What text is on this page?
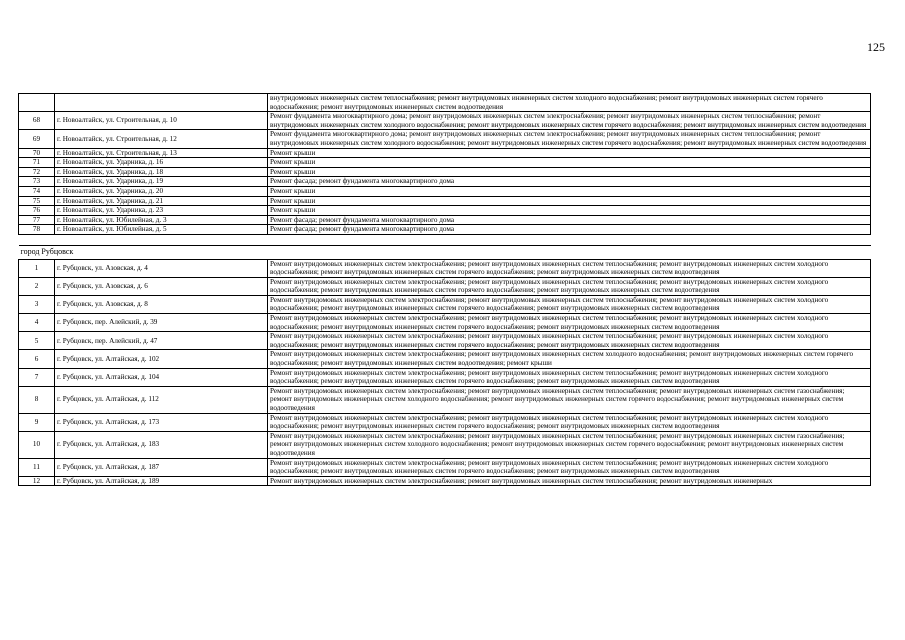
125
		внутридомовых инженерных систем теплоснабжения; ремонт внутридомовых инженерных систем холодного водоснабжения; ремонт внутридомовых инженерных систем горячего водоснабжения; ремонт внутридомовых инженерных систем водоотведения
68	г. Новоалтайск, ул. Строительная, д. 10	Ремонт фундамента многоквартирного дома; ремонт внутридомовых инженерных систем электроснабжения; ремонт внутридомовых инженерных систем теплоснабжения; ремонт внутридомовых инженерных систем холодного водоснабжения; ремонт внутридомовых инженерных систем горячего водоснабжения; ремонт внутридомовых инженерных систем водоотведения
69	г. Новоалтайск, ул. Строительная, д. 12	Ремонт фундамента многоквартирного дома; ремонт внутридомовых инженерных систем электроснабжения; ремонт внутридомовых инженерных систем теплоснабжения; ремонт внутридомовых инженерных систем холодного водоснабжения; ремонт внутридомовых инженерных систем горячего водоснабжения; ремонт внутридомовых инженерных систем водоотведения
70	г. Новоалтайск, ул. Строительная, д. 13	Ремонт крыши
71	г. Новоалтайск, ул. Ударника, д. 16	Ремонт крыши
72	г. Новоалтайск, ул. Ударника, д. 18	Ремонт крыши
73	г. Новоалтайск, ул. Ударника, д. 19	Ремонт фасада; ремонт фундамента многоквартирного дома
74	г. Новоалтайск, ул. Ударника, д. 20	Ремонт крыши
75	г. Новоалтайск, ул. Ударника, д. 21	Ремонт крыши
76	г. Новоалтайск, ул. Ударника, д. 23	Ремонт крыши
77	г. Новоалтайск, ул. Юбилейная, д. 3	Ремонт фасада; ремонт фундамента многоквартирного дома
78	г. Новоалтайск, ул. Юбилейная, д. 5	Ремонт фасада; ремонт фундамента многоквартирного дома

город Рубцовск		
1	г. Рубцовск, ул. Азовская, д. 4	Ремонт внутридомовых инженерных систем электроснабжения; ремонт внутридомовых инженерных систем теплоснабжения; ремонт внутридомовых инженерных систем холодного водоснабжения; ремонт внутридомовых инженерных систем горячего водоснабжения; ремонт внутридомовых инженерных систем водоотведения
2	г. Рубцовск, ул. Азовская, д. 6	Ремонт внутридомовых инженерных систем электроснабжения; ремонт внутридомовых инженерных систем теплоснабжения; ремонт внутридомовых инженерных систем холодного водоснабжения; ремонт внутридомовых инженерных систем горячего водоснабжения; ремонт внутридомовых инженерных систем водоотведения
3	г. Рубцовск, ул. Азовская, д. 8	Ремонт внутридомовых инженерных систем электроснабжения; ремонт внутридомовых инженерных систем теплоснабжения; ремонт внутридомовых инженерных систем холодного водоснабжения; ремонт внутридомовых инженерных систем горячего водоснабжения; ремонт внутридомовых инженерных систем водоотведения
4	г. Рубцовск, пер. Алейский, д. 39	Ремонт внутридомовых инженерных систем электроснабжения; ремонт внутридомовых инженерных систем теплоснабжения; ремонт внутридомовых инженерных систем холодного водоснабжения; ремонт внутридомовых инженерных систем горячего водоснабжения; ремонт внутридомовых инженерных систем водоотведения
5	г. Рубцовск, пер. Алейский, д. 47	Ремонт внутридомовых инженерных систем электроснабжения; ремонт внутридомовых инженерных систем теплоснабжения; ремонт внутридомовых инженерных систем холодного водоснабжения; ремонт внутридомовых инженерных систем горячего водоснабжения; ремонт внутридомовых инженерных систем водоотведения
6	г. Рубцовск, ул. Алтайская, д. 102	Ремонт внутридомовых инженерных систем электроснабжения; ремонт внутридомовых инженерных систем холодного водоснабжения; ремонт внутридомовых инженерных систем горячего водоснабжения; ремонт внутридомовых инженерных систем водоотведения; ремонт крыши
7	г. Рубцовск, ул. Алтайская, д. 104	Ремонт внутридомовых инженерных систем электроснабжения; ремонт внутридомовых инженерных систем теплоснабжения; ремонт внутридомовых инженерных систем холодного водоснабжения; ремонт внутридомовых инженерных систем горячего водоснабжения; ремонт внутридомовых инженерных систем водоотведения
8	г. Рубцовск, ул. Алтайская, д. 112	Ремонт внутридомовых инженерных систем электроснабжения; ремонт внутридомовых инженерных систем теплоснабжения; ремонт внутридомовых инженерных систем газоснабжения; ремонт внутридомовых инженерных систем холодного водоснабжения; ремонт внутридомовых инженерных систем горячего водоснабжения; ремонт внутридомовых инженерных систем водоотведения
9	г. Рубцовск, ул. Алтайская, д. 173	Ремонт внутридомовых инженерных систем электроснабжения; ремонт внутридомовых инженерных систем теплоснабжения; ремонт внутридомовых инженерных систем холодного водоснабжения; ремонт внутридомовых инженерных систем горячего водоснабжения; ремонт внутридомовых инженерных систем водоотведения
10	г. Рубцовск, ул. Алтайская, д. 183	Ремонт внутридомовых инженерных систем электроснабжения; ремонт внутридомовых инженерных систем теплоснабжения; ремонт внутридомовых инженерных систем газоснабжения; ремонт внутридомовых инженерных систем холодного водоснабжения; ремонт внутридомовых инженерных систем горячего водоснабжения; ремонт внутридомовых инженерных систем водоотведения
11	г. Рубцовск, ул. Алтайская, д. 187	Ремонт внутридомовых инженерных систем электроснабжения; ремонт внутридомовых инженерных систем теплоснабжения; ремонт внутридомовых инженерных систем холодного водоснабжения; ремонт внутридомовых инженерных систем горячего водоснабжения; ремонт внутридомовых инженерных систем водоотведения
12	г. Рубцовск, ул. Алтайская, д. 189	Ремонт внутридомовых инженерных систем электроснабжения; ремонт внутридомовых инженерных систем теплоснабжения; ремонт внутридомовых инженерных
